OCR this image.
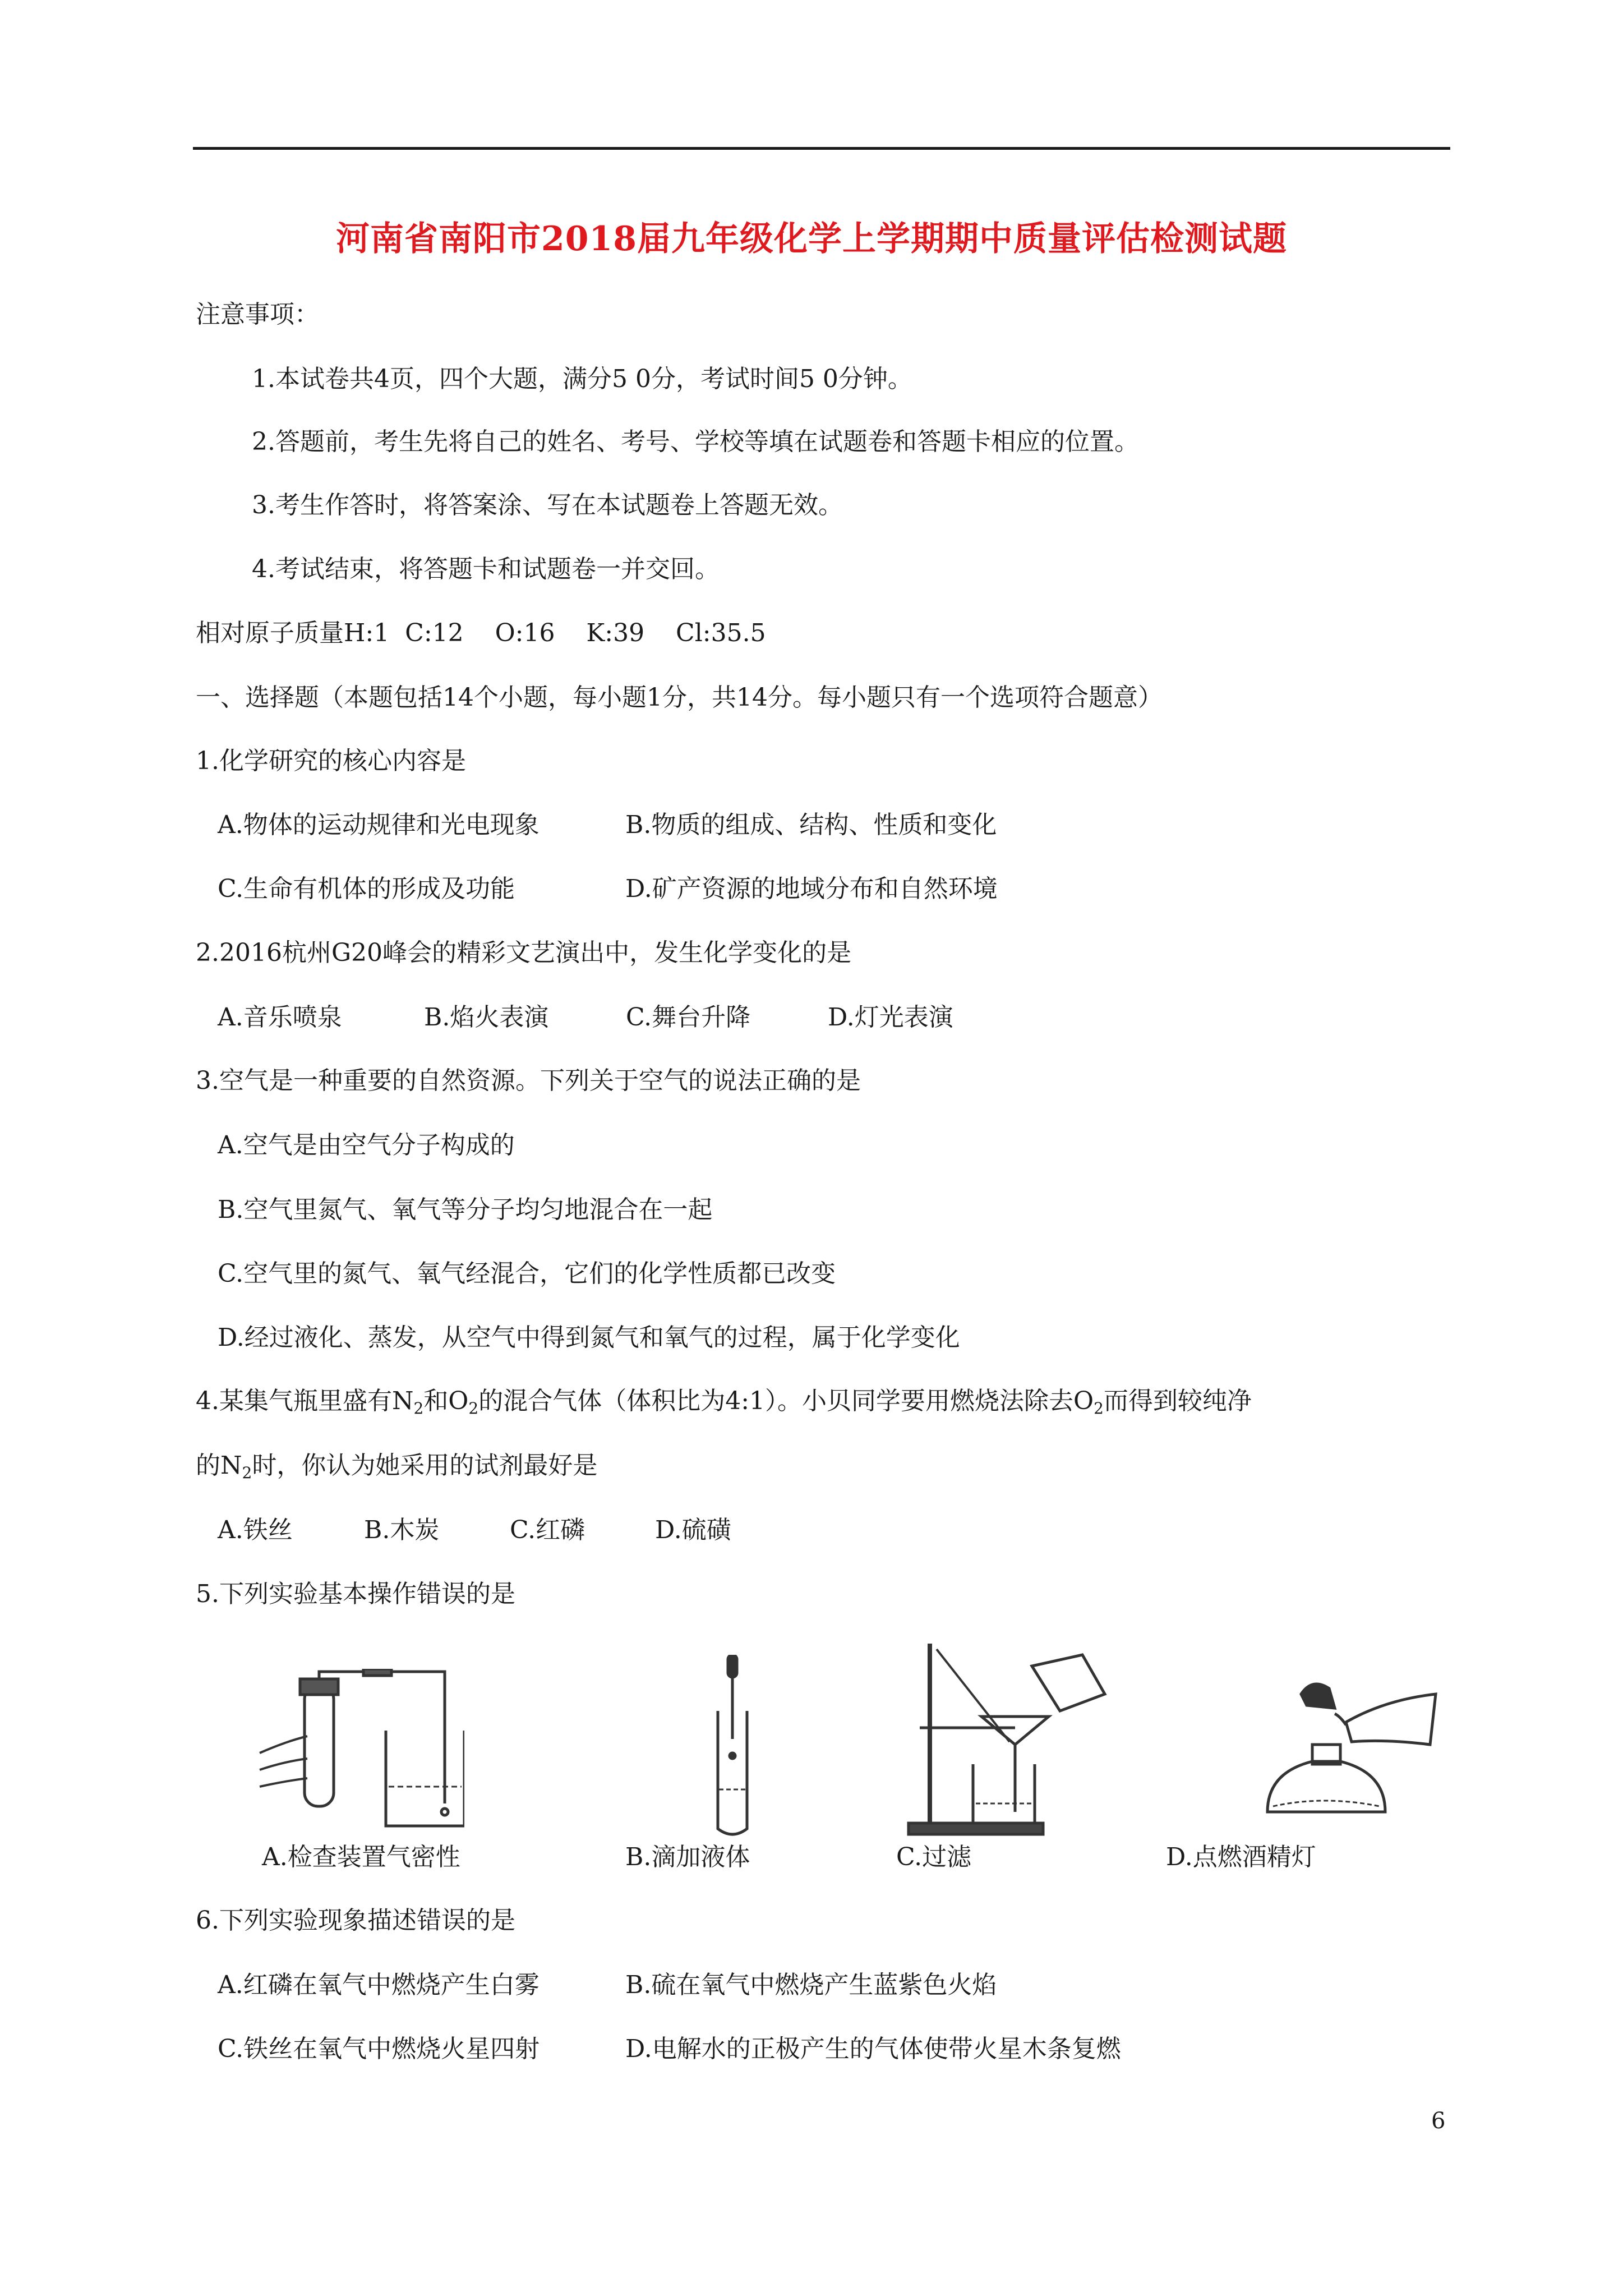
河南省南阳市2018届九年级化学上学期期中质量评估检测试题
注意事项：
1.本试卷共4页，四个大题，满分5 0分，考试时间5 0分钟。
2.答题前，考生先将自己的姓名、考号、学校等填在试题卷和答题卡相应的位置。
3.考生作答时，将答案涂、写在本试题卷上答题无效。
4.考试结束，将答题卡和试题卷一并交回。
相对原子质量H:1  C:12    O:16    K:39    Cl:35.5
一、选择题（本题包括14个小题，每小题1分，共14分。每小题只有一个选项符合题意）
1.化学研究的核心内容是
A.物体的运动规律和光电现象	B.物质的组成、结构、性质和变化
C.生命有机体的形成及功能	D.矿产资源的地域分布和自然环境
2.2016杭州G20峰会的精彩文艺演出中，发生化学变化的是
A.音乐喷泉	B.焰火表演	C.舞台升降	D.灯光表演
3.空气是一种重要的自然资源。下列关于空气的说法正确的是
A.空气是由空气分子构成的
B.空气里氮气、氧气等分子均匀地混合在一起
C.空气里的氮气、氧气经混合，它们的化学性质都已改变
D.经过液化、蒸发，从空气中得到氮气和氧气的过程，属于化学变化
4.某集气瓶里盛有$N_2$和$O_2$的混合气体（体积比为4:1）。小贝同学要用燃烧法除去$O_2$而得到较纯净
的$N_2$时，你认为她采用的试剂最好是
A.铁丝	B.木炭	C.红磷	D.硫磺
5.下列实验基本操作错误的是
A.检查装置气密性	B.滴加液体	C.过滤	D.点燃酒精灯
6.下列实验现象描述错误的是
A.红磷在氧气中燃烧产生白雾	B.硫在氧气中燃烧产生蓝紫色火焰
C.铁丝在氧气中燃烧火星四射	D.电解水的正极产生的气体使带火星木条复燃
6
